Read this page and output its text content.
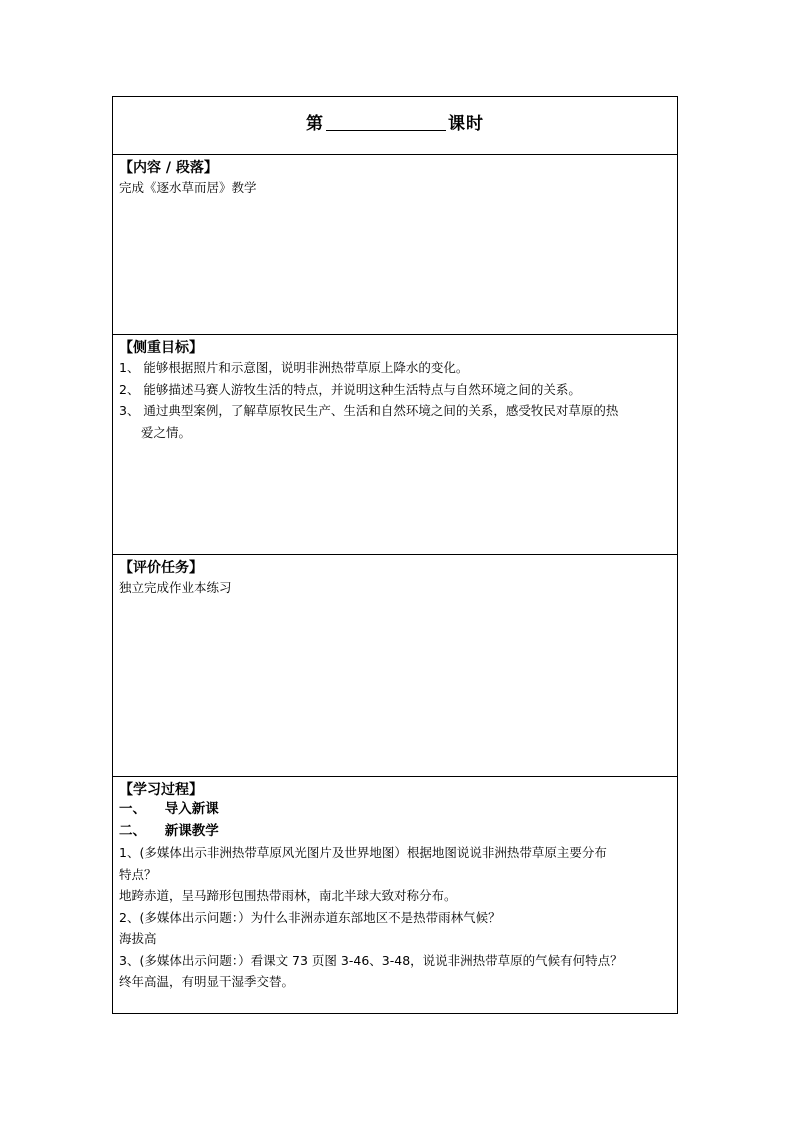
第	课时
【内容 / 段落】
完成《逐水草而居》教学
【侧重目标】
1、 能够根据照片和示意图，说明非洲热带草原上降水的变化。
2、 能够描述马赛人游牧生活的特点，并说明这种生活特点与自然环境之间的关系。
3、 通过典型案例，了解草原牧民生产、生活和自然环境之间的关系，感受牧民对草原的热
爱之情。
【评价任务】
独立完成作业本练习
【学习过程】
一、    导入新课
二、    新课教学
1、(多媒体出示非洲热带草原风光图片及世界地图）根据地图说说非洲热带草原主要分布
特点？
地跨赤道，呈马蹄形包围热带雨林，南北半球大致对称分布。
2、(多媒体出示问题：）为什么非洲赤道东部地区不是热带雨林气候？
海拔高
3、(多媒体出示问题：）看课文 73 页图 3-46、3-48，说说非洲热带草原的气候有何特点？
终年高温，有明显干湿季交替。
